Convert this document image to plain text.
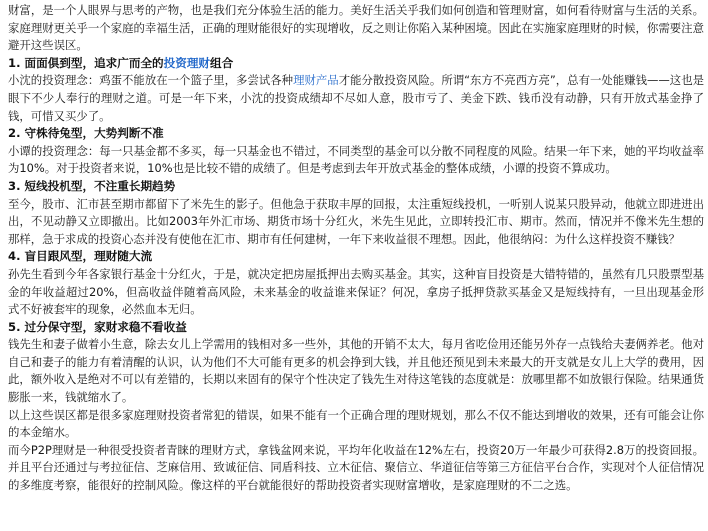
财富，是一个人眼界与思考的产物，也是我们充分体验生活的能力。美好生活关乎我们如何创造和管理财富，如何看待财富与生活的关系。家庭理财更关乎一个家庭的幸福生活，正确的理财能很好的实现增收，反之则让你陷入某种困境。因此在实施家庭理财的时候，你需要注意避开这些误区。

1. 面面俱到型，追求广而全的投资理财组合

小沈的投资理念：鸡蛋不能放在一个篮子里，多尝试各种理财产品才能分散投资风险。所谓“东方不亮西方亮”，总有一处能赚钱——这也是眼下不少人奉行的理财之道。可是一年下来，小沈的投资成绩却不尽如人意，股市亏了、美金下跌、钱币没有动静，只有开放式基金挣了钱，可惜又买少了。

2. 守株待兔型，大势判断不准

小谭的投资理念：每一只基金都不多买，每一只基金也不错过，不同类型的基金可以分散不同程度的风险。结果一年下来，她的平均收益率为10%。对于投资者来说，10%也是比较不错的成绩了。但是考虑到去年开放式基金的整体成绩，小谭的投资不算成功。

3. 短线投机型，不注重长期趋势

至今，股市、汇市甚至期市都留下了米先生的影子。但他急于获取丰厚的回报，太注重短线投机，一听别人说某只股异动，他就立即进进出出，不见动静又立即撤出。比如2003年外汇市场、期货市场十分红火，米先生见此，立即转投汇市、期市。然而，情况并不像米先生想的那样，急于求成的投资心态并没有使他在汇市、期市有任何建树，一年下来收益很不理想。因此，他很纳闷：为什么这样投资不赚钱？

4. 盲目跟风型，理财随大流

孙先生看到今年各家银行基金十分红火，于是，就决定把房屋抵押出去购买基金。其实，这种盲目投资是大错特错的，虽然有几只股票型基金的年收益超过20%，但高收益伴随着高风险，未来基金的收益谁来保证？何况，拿房子抵押贷款买基金又是短线持有，一旦出现基金形式不好被套牢的现象，必然血本无归。

5. 过分保守型，家财求稳不看收益

钱先生和妻子做着小生意，除去女儿上学需用的钱相对多一些外，其他的开销不太大，每月省吃俭用还能另外存一点钱给夫妻俩养老。他对自己和妻子的能力有着清醒的认识，认为他们不大可能有更多的机会挣到大钱，并且他还预见到未来最大的开支就是女儿上大学的费用，因此，额外收入是绝对不可以有差错的，长期以来固有的保守个性决定了钱先生对待这笔钱的态度就是：放哪里都不如放银行保险。结果通货膨胀一来，钱就缩水了。

以上这些误区都是很多家庭理财投资者常犯的错误，如果不能有一个正确合理的理财规划，那么不仅不能达到增收的效果，还有可能会让你的本金缩水。

而今P2P理财是一种很受投资者青睐的理财方式，拿钱盆网来说，平均年化收益在12%左右，投资20万一年最少可获得2.8万的投资回报。并且平台还通过与考拉征信、芝麻信用、致诚征信、同盾科技、立木征信、聚信立、华道征信等第三方征信平台合作，实现对个人征信情况的多维度考察，能很好的控制风险。像这样的平台就能很好的帮助投资者实现财富增收，是家庭理财的不二之选。
